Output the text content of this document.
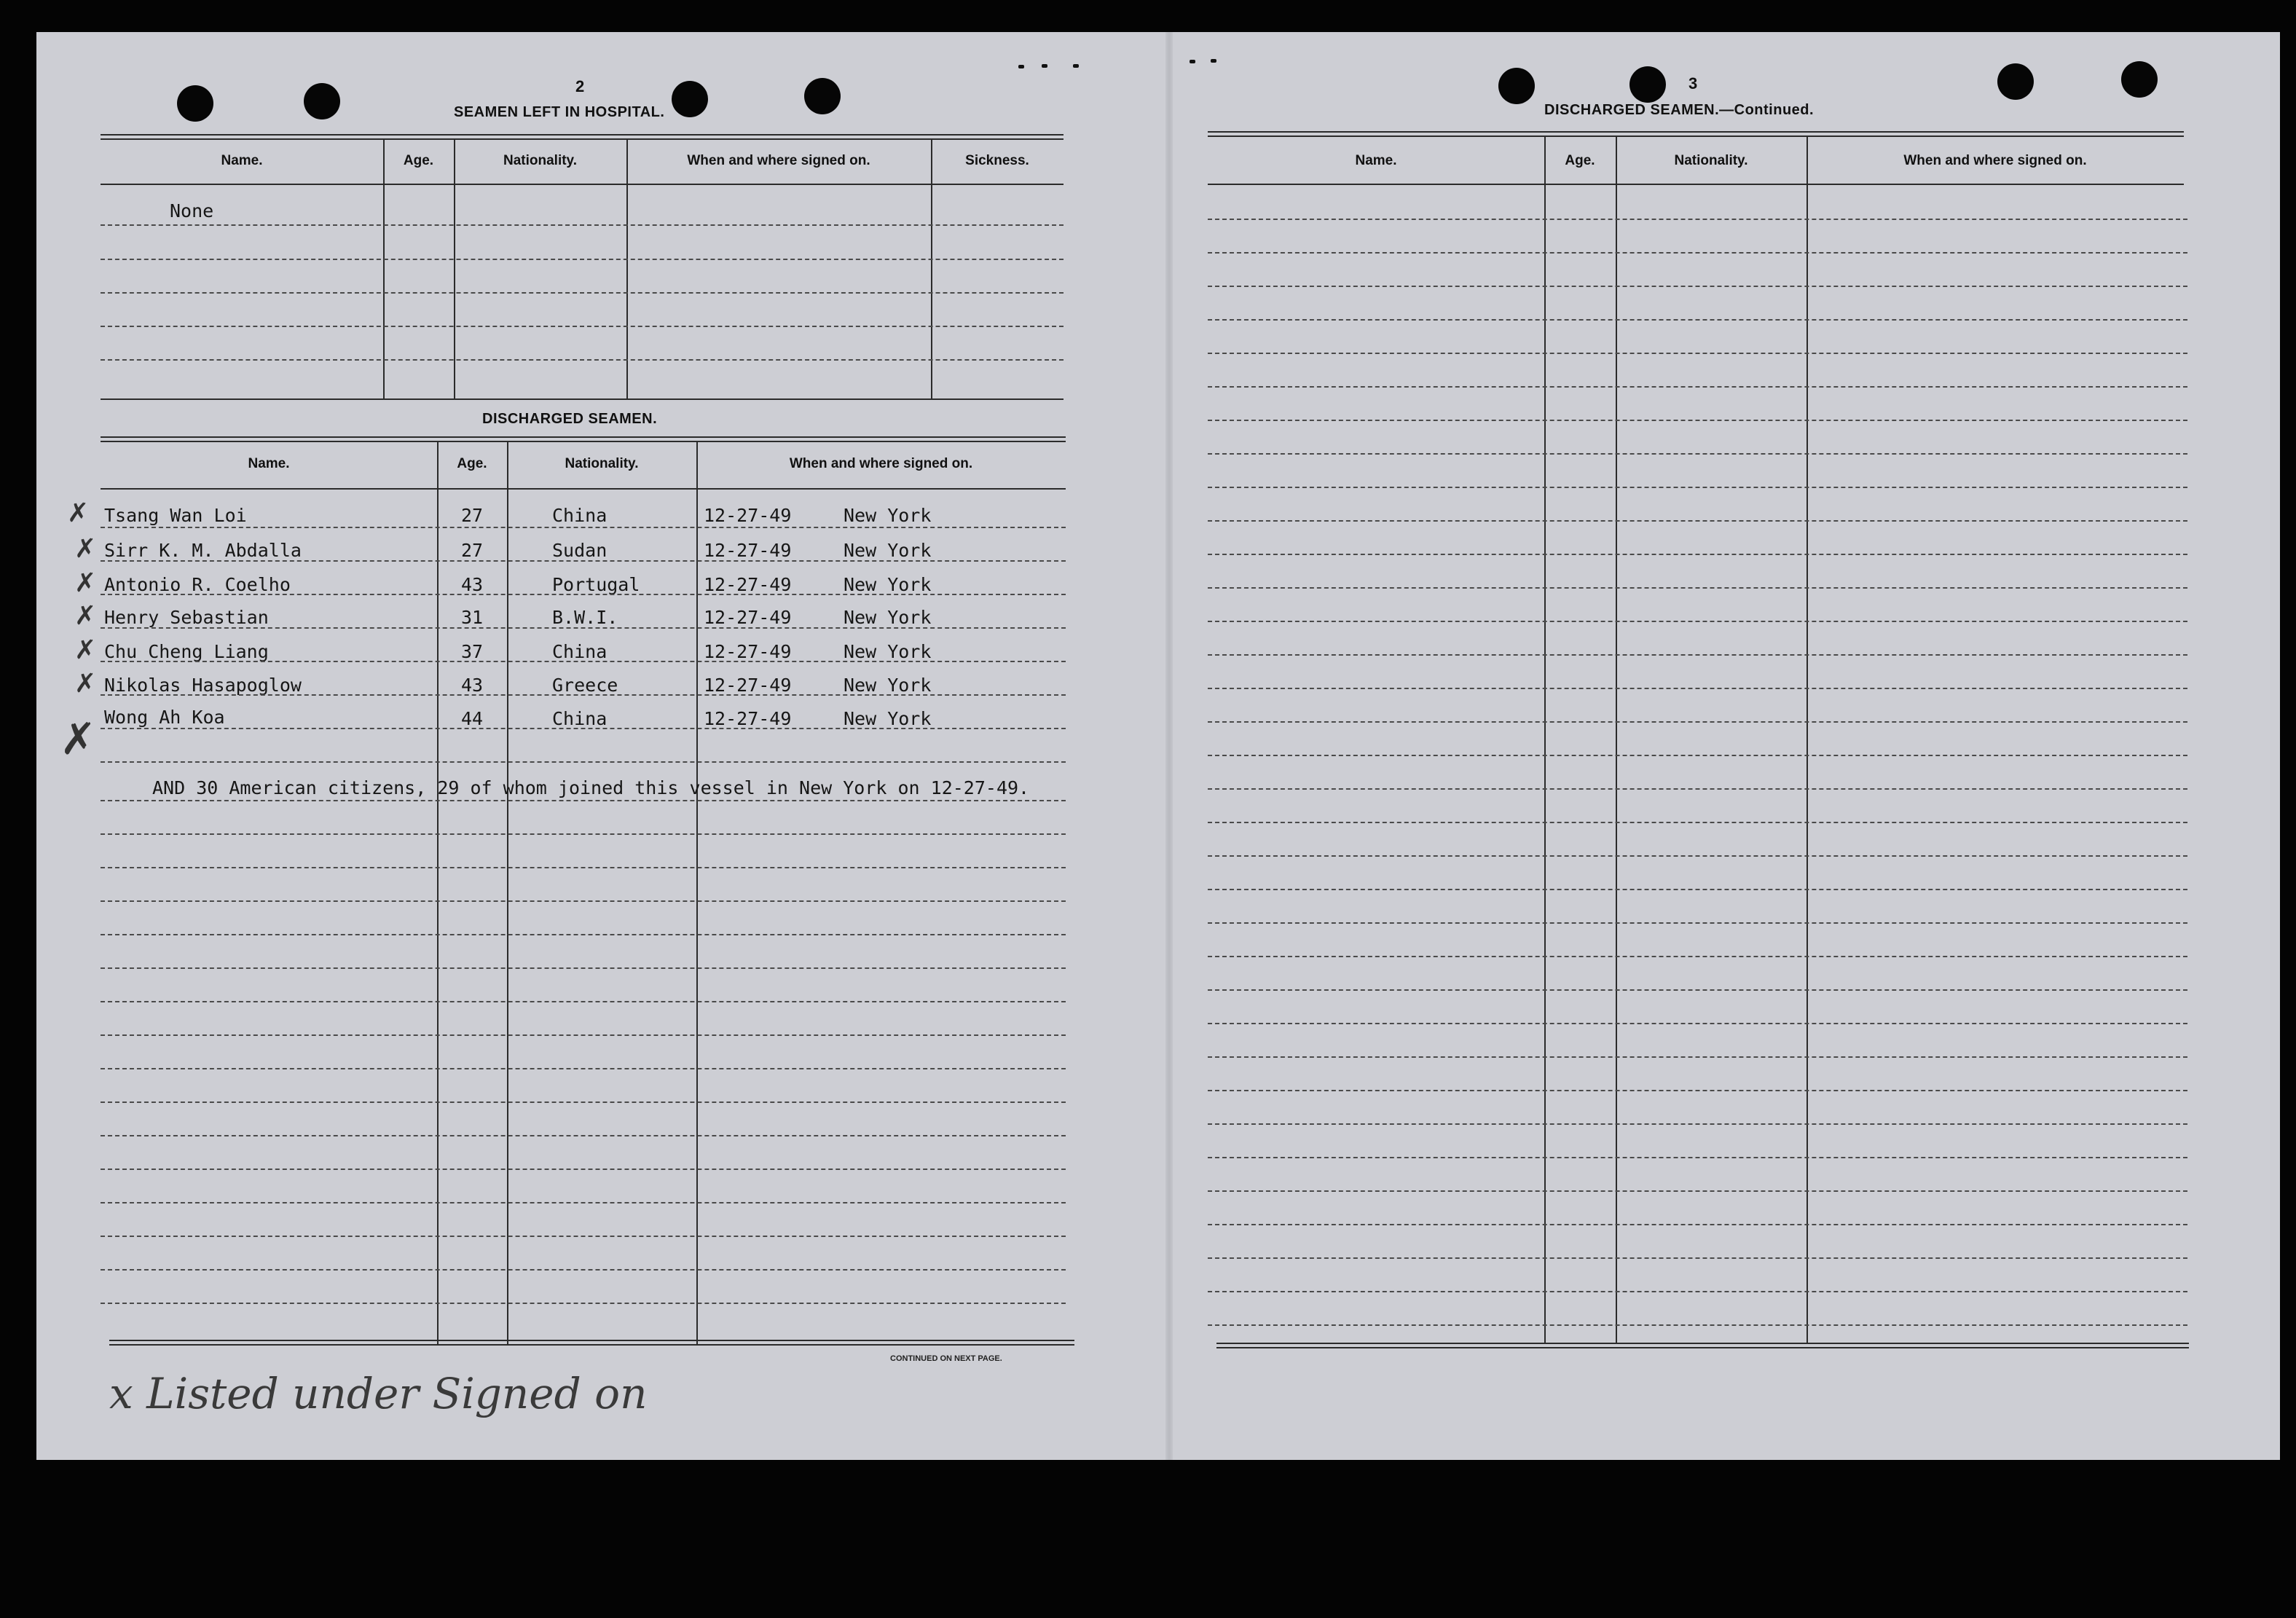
2
SEAMEN LEFT IN HOSPITAL.
Name.	Age.	Nationality.	When and where signed on.	Sickness.
None
DISCHARGED SEAMEN.
Name.	Age.	Nationality.	When and where signed on.
✗ Tsang Wan Loi	27	China	12-27-49	New York
✗ Sirr K. M. Abdalla	27	Sudan	12-27-49	New York
✗ Antonio R. Coelho	43	Portugal	12-27-49	New York
✗ Henry Sebastian	31	B.W.I.	12-27-49	New York
✗ Chu Cheng Liang	37	China	12-27-49	New York
✗ Nikolas Hasapoglow	43	Greece	12-27-49	New York
✗ Wong Ah Koa	44	China	12-27-49	New York
AND 30 American citizens, 29 of whom joined this vessel in New York on 12-27-49.
CONTINUED ON NEXT PAGE.
x Listed under Signed on
3
DISCHARGED SEAMEN.—Continued.
Name.	Age.	Nationality.	When and where signed on.
